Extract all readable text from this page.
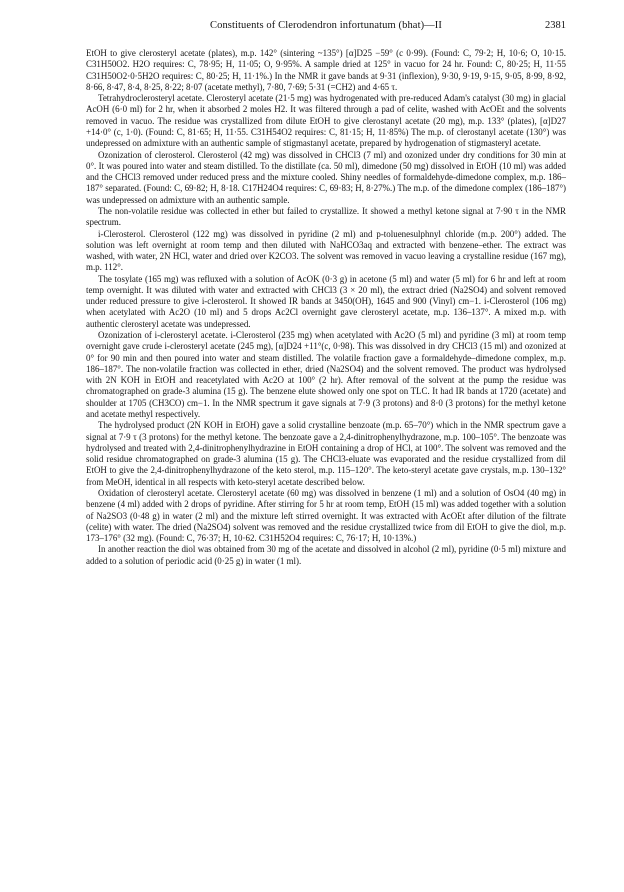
Constituents of Clerodendron infortunatum (bhat)—II	2381

EtOH to give clerosteryl acetate (plates), m.p. 142° (sintering ~135°) [α]D25 −59° (c 0·99). (Found: C, 79·2; H, 10·6; O, 10·15. C31H50O2. H2O requires: C, 78·95; H, 11·05; O, 9·95%. A sample dried at 125° in vacuo for 24 hr. Found: C, 80·25; H, 11·55 C31H50O2·0·5H2O requires: C, 80·25; H, 11·1%.) In the NMR it gave bands at 9·31 (inflexion), 9·30, 9·19, 9·15, 9·05, 8·99, 8·92, 8·66, 8·47, 8·4, 8·25, 8·22; 8·07 (acetate methyl), 7·80, 7·69; 5·31 (=CH2) and 4·65 τ.

Tetrahydroclerosteryl acetate. Clerosteryl acetate (21·5 mg) was hydrogenated with pre-reduced Adam's catalyst (30 mg) in glacial AcOH (6·0 ml) for 2 hr, when it absorbed 2 moles H2. It was filtered through a pad of celite, washed with AcOEt and the solvents removed in vacuo. The residue was crystallized from dilute EtOH to give clerostanyl acetate (20 mg), m.p. 133° (plates), [α]D27 +14·0° (c, 1·0). (Found: C, 81·65; H, 11·55. C31H54O2 requires: C, 81·15; H, 11·85%) The m.p. of clerostanyl acetate (130°) was undepressed on admixture with an authentic sample of stigmastanyl acetate, prepared by hydrogenation of stigmasteryl acetate.

Ozonization of clerosterol. Clerosterol (42 mg) was dissolved in CHCl3 (7 ml) and ozonized under dry conditions for 30 min at 0°. It was poured into water and steam distilled. To the distillate (ca. 50 ml), dimedone (50 mg) dissolved in EtOH (10 ml) was added and the CHCl3 removed under reduced press and the mixture cooled. Shiny needles of formaldehyde-dimedone complex, m.p. 186–187° separated. (Found: C, 69·82; H, 8·18. C17H24O4 requires: C, 69·83; H, 8·27%.) The m.p. of the dimedone complex (186–187°) was undepressed on admixture with an authentic sample.

The non-volatile residue was collected in ether but failed to crystallize. It showed a methyl ketone signal at 7·90 τ in the NMR spectrum.

i-Clerosterol. Clerosterol (122 mg) was dissolved in pyridine (2 ml) and p-toluenesulphnyl chloride (m.p. 200°) added. The solution was left overnight at room temp and then diluted with NaHCO3aq and extracted with benzene–ether. The extract was washed, with water, 2N HCl, water and dried over K2CO3. The solvent was removed in vacuo leaving a crystalline residue (167 mg), m.p. 112°.

The tosylate (165 mg) was refluxed with a solution of AcOK (0·3 g) in acetone (5 ml) and water (5 ml) for 6 hr and left at room temp overnight. It was diluted with water and extracted with CHCl3 (3 × 20 ml), the extract dried (Na2SO4) and solvent removed under reduced pressure to give i-clerosterol. It showed IR bands at 3450(OH), 1645 and 900 (Vinyl) cm−1. i-Clerosterol (106 mg) when acetylated with Ac2O (10 ml) and 5 drops Ac2Cl overnight gave clerosteryl acetate, m.p. 136–137°. A mixed m.p. with authentic clerosteryl acetate was undepressed.

Ozonization of i-clerosteryl acetate. i-Clerosterol (235 mg) when acetylated with Ac2O (5 ml) and pyridine (3 ml) at room temp overnight gave crude i-clerosteryl acetate (245 mg), [α]D24 +11°(c, 0·98). This was dissolved in dry CHCl3 (15 ml) and ozonized at 0° for 90 min and then poured into water and steam distilled. The volatile fraction gave a formaldehyde–dimedone complex, m.p. 186–187°. The non-volatile fraction was collected in ether, dried (Na2SO4) and the solvent removed. The product was hydrolysed with 2N KOH in EtOH and reacetylated with Ac2O at 100° (2 hr). After removal of the solvent at the pump the residue was chromatographed on grade-3 alumina (15 g). The benzene elute showed only one spot on TLC. It had IR bands at 1720 (acetate) and shoulder at 1705 (CH3CO) cm−1. In the NMR spectrum it gave signals at 7·9 (3 protons) and 8·0 (3 protons) for the methyl ketone and acetate methyl respectively.

The hydrolysed product (2N KOH in EtOH) gave a solid crystalline benzoate (m.p. 65–70°) which in the NMR spectrum gave a signal at 7·9 τ (3 protons) for the methyl ketone. The benzoate gave a 2,4-dinitrophenylhydrazone, m.p. 100–105°. The benzoate was hydrolysed and treated with 2,4-dinitrophenylhydrazine in EtOH containing a drop of HCl, at 100°. The solvent was removed and the solid residue chromatographed on grade-3 alumina (15 g). The CHCl3-eluate was evaporated and the residue crystallized from dil EtOH to give the 2,4-dinitrophenylhydrazone of the keto sterol, m.p. 115–120°. The keto-steryl acetate gave crystals, m.p. 130–132° from MeOH, identical in all respects with keto-steryl acetate described below.

Oxidation of clerosteryl acetate. Clerosteryl acetate (60 mg) was dissolved in benzene (1 ml) and a solution of OsO4 (40 mg) in benzene (4 ml) added with 2 drops of pyridine. After stirring for 5 hr at room temp, EtOH (15 ml) was added together with a solution of Na2SO3 (0·48 g) in water (2 ml) and the mixture left stirred overnight. It was extracted with AcOEt after dilution of the filtrate (celite) with water. The dried (Na2SO4) solvent was removed and the residue crystallized twice from dil EtOH to give the diol, m.p. 173–176° (32 mg). (Found: C, 76·37; H, 10·62. C31H52O4 requires: C, 76·17; H, 10·13%.)

In another reaction the diol was obtained from 30 mg of the acetate and dissolved in alcohol (2 ml), pyridine (0·5 ml) mixture and added to a solution of periodic acid (0·25 g) in water (1 ml).
